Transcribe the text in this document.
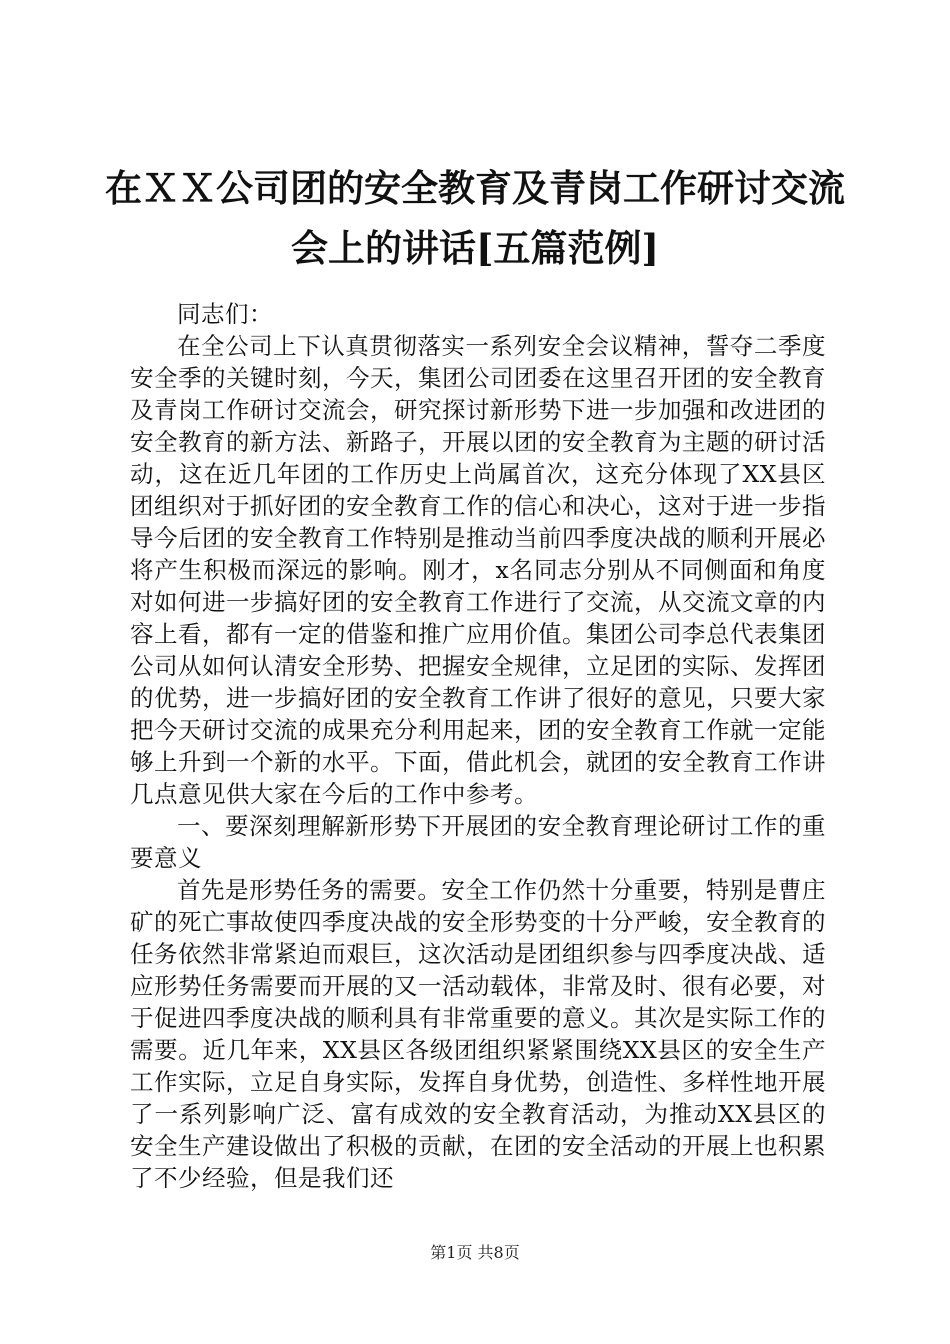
在ＸＸ公司团的安全教育及青岗工作研讨交流
会上的讲话[五篇范例]

同志们：

在全公司上下认真贯彻落实一系列安全会议精神，誓夺二季度安全季的关键时刻，今天，集团公司团委在这里召开团的安全教育及青岗工作研讨交流会，研究探讨新形势下进一步加强和改进团的安全教育的新方法、新路子，开展以团的安全教育为主题的研讨活动，这在近几年团的工作历史上尚属首次，这充分体现了XX县区团组织对于抓好团的安全教育工作的信心和决心，这对于进一步指导今后团的安全教育工作特别是推动当前四季度决战的顺利开展必将产生积极而深远的影响。刚才，x名同志分别从不同侧面和角度对如何进一步搞好团的安全教育工作进行了交流，从交流文章的内容上看，都有一定的借鉴和推广应用价值。集团公司李总代表集团公司从如何认清安全形势、把握安全规律，立足团的实际、发挥团的优势，进一步搞好团的安全教育工作讲了很好的意见，只要大家把今天研讨交流的成果充分利用起来，团的安全教育工作就一定能够上升到一个新的水平。下面，借此机会，就团的安全教育工作讲几点意见供大家在今后的工作中参考。

一、要深刻理解新形势下开展团的安全教育理论研讨工作的重要意义

首先是形势任务的需要。安全工作仍然十分重要，特别是曹庄矿的死亡事故使四季度决战的安全形势变的十分严峻，安全教育的任务依然非常紧迫而艰巨，这次活动是团组织参与四季度决战、适应形势任务需要而开展的又一活动载体，非常及时、很有必要，对于促进四季度决战的顺利具有非常重要的意义。其次是实际工作的需要。近几年来，XX县区各级团组织紧紧围绕XX县区的安全生产工作实际，立足自身实际，发挥自身优势，创造性、多样性地开展了一系列影响广泛、富有成效的安全教育活动，为推动XX县区的安全生产建设做出了积极的贡献，在团的安全活动的开展上也积累了不少经验，但是我们还

第1页 共8页
